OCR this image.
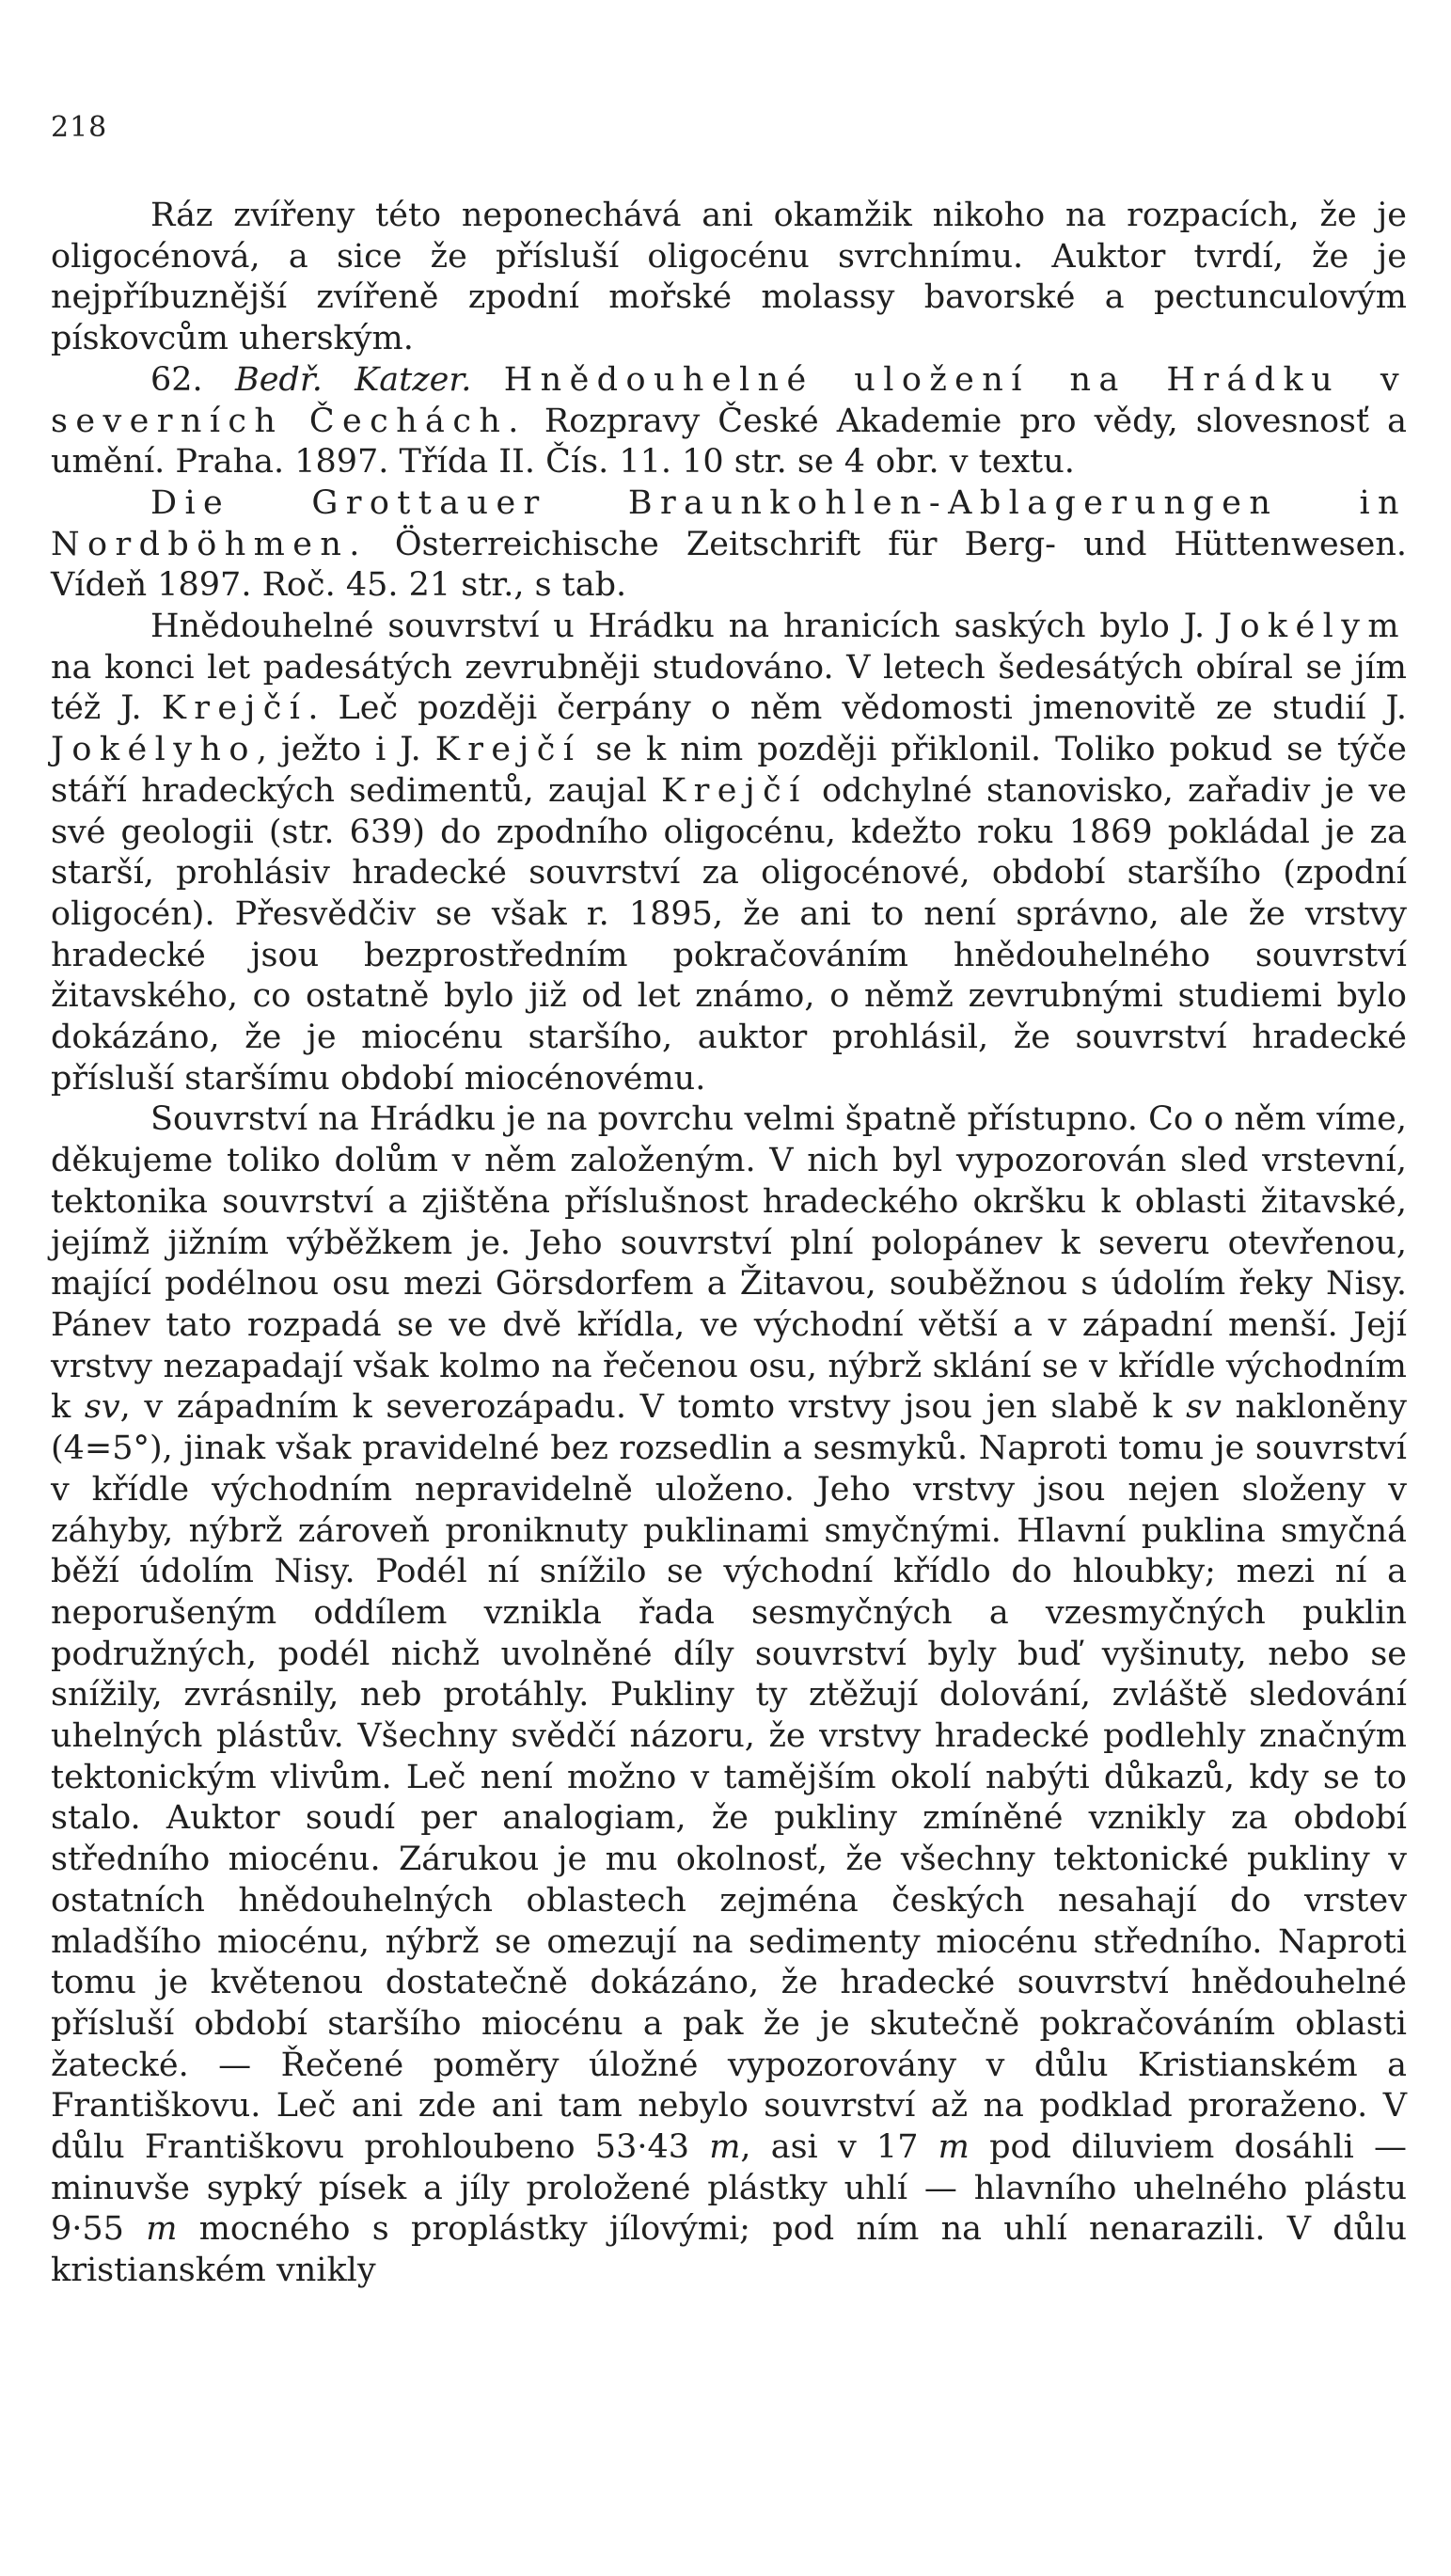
218

Ráz zvířeny této neponechává ani okamžik nikoho na rozpacích, že je oligocénová, a sice že přísluší oligocénu svrchnímu. Auktor tvrdí, že je nejpříbuznější zvířeně zpodní mořské molassy bavorské a pectunculovým pískovcům uherským.

62. Bedř. Katzer. Hnědouhelné uložení na Hrádku v severních Čechách. Rozpravy České Akademie pro vědy, slovesnosť a umění. Praha. 1897. Třída II. Čís. 11. 10 str. se 4 obr. v textu.

Die Grottauer Braunkohlen-Ablagerungen in Nordböhmen. Österreichische Zeitschrift für Berg- und Hüttenwesen. Vídeň 1897. Roč. 45. 21 str., s tab.

Hnědouhelné souvrství u Hrádku na hranicích saských bylo J. Jokélym na konci let padesátých zevrubněji studováno. V letech šedesátých obíral se jím též J. Krejčí. Leč později čerpány o něm vědomosti jmenovitě ze studií J. Jokélyho, ježto i J. Krejčí se k nim později přiklonil. Toliko pokud se týče stáří hradeckých sedimentů, zaujal Krejčí odchylné stanovisko, zařadiv je ve své geologii (str. 639) do zpodního oligocénu, kdežto roku 1869 pokládal je za starší, prohlásiv hradecké souvrství za oligocénové, období staršího (zpodní oligocén). Přesvědčiv se však r. 1895, že ani to není správno, ale že vrstvy hradecké jsou bezprostředním pokračováním hnědouhelného souvrství žitavského, co ostatně bylo již od let známo, o němž zevrubnými studiemi bylo dokázáno, že je miocénu staršího, auktor prohlásil, že souvrství hradecké přísluší staršímu období miocénovému.

Souvrství na Hrádku je na povrchu velmi špatně přístupno. Co o něm víme, děkujeme toliko dolům v něm založeným. V nich byl vypozorován sled vrstevní, tektonika souvrství a zjištěna příslušnost hradeckého okršku k oblasti žitavské, jejímž jižním výběžkem je. Jeho souvrství plní polopánev k severu otevřenou, mající podélnou osu mezi Görsdorfem a Žitavou, souběžnou s údolím řeky Nisy. Pánev tato rozpadá se ve dvě křídla, ve východní větší a v západní menší. Její vrstvy nezapadají však kolmo na řečenou osu, nýbrž sklání se v křídle východním k sv, v západním k severozápadu. V tomto vrstvy jsou jen slabě k sv nakloněny (4=5°), jinak však pravidelné bez rozsedlin a sesmyků. Naproti tomu je souvrství v křídle východním nepravidelně uloženo. Jeho vrstvy jsou nejen složeny v záhyby, nýbrž zároveň proniknuty puklinami smyčnými. Hlavní puklina smyčná běží údolím Nisy. Podél ní snížilo se východní křídlo do hloubky; mezi ní a neporušeným oddílem vznikla řada sesmyčných a vzesmyčných puklin podružných, podél nichž uvolněné díly souvrství byly buď vyšinuty, nebo se snížily, zvrásnily, neb protáhly. Pukliny ty ztěžují dolování, zvláště sledování uhelných plástův. Všechny svědčí názoru, že vrstvy hradecké podlehly značným tektonickým vlivům. Leč není možno v tamějším okolí nabýti důkazů, kdy se to stalo. Auktor soudí per analogiam, že pukliny zmíněné vznikly za období středního miocénu. Zárukou je mu okolnosť, že všechny tektonické pukliny v ostatních hnědouhelných oblastech zejména českých nesahají do vrstev mladšího miocénu, nýbrž se omezují na sedimenty miocénu středního. Naproti tomu je květenou dostatečně dokázáno, že hradecké souvrství hnědouhelné přísluší období staršího miocénu a pak že je skutečně pokračováním oblasti žatecké. — Řečené poměry úložné vypozorovány v důlu Kristianském a Františkovu. Leč ani zde ani tam nebylo souvrství až na podklad proraženo. V důlu Františkovu prohloubeno 53·43 m, asi v 17 m pod diluviem dosáhli — minuvše sypký písek a jíly proložené plástky uhlí — hlavního uhelného plástu 9·55 m mocného s proplástky jílovými; pod ním na uhlí nenarazili. V důlu kristianském vnikly
